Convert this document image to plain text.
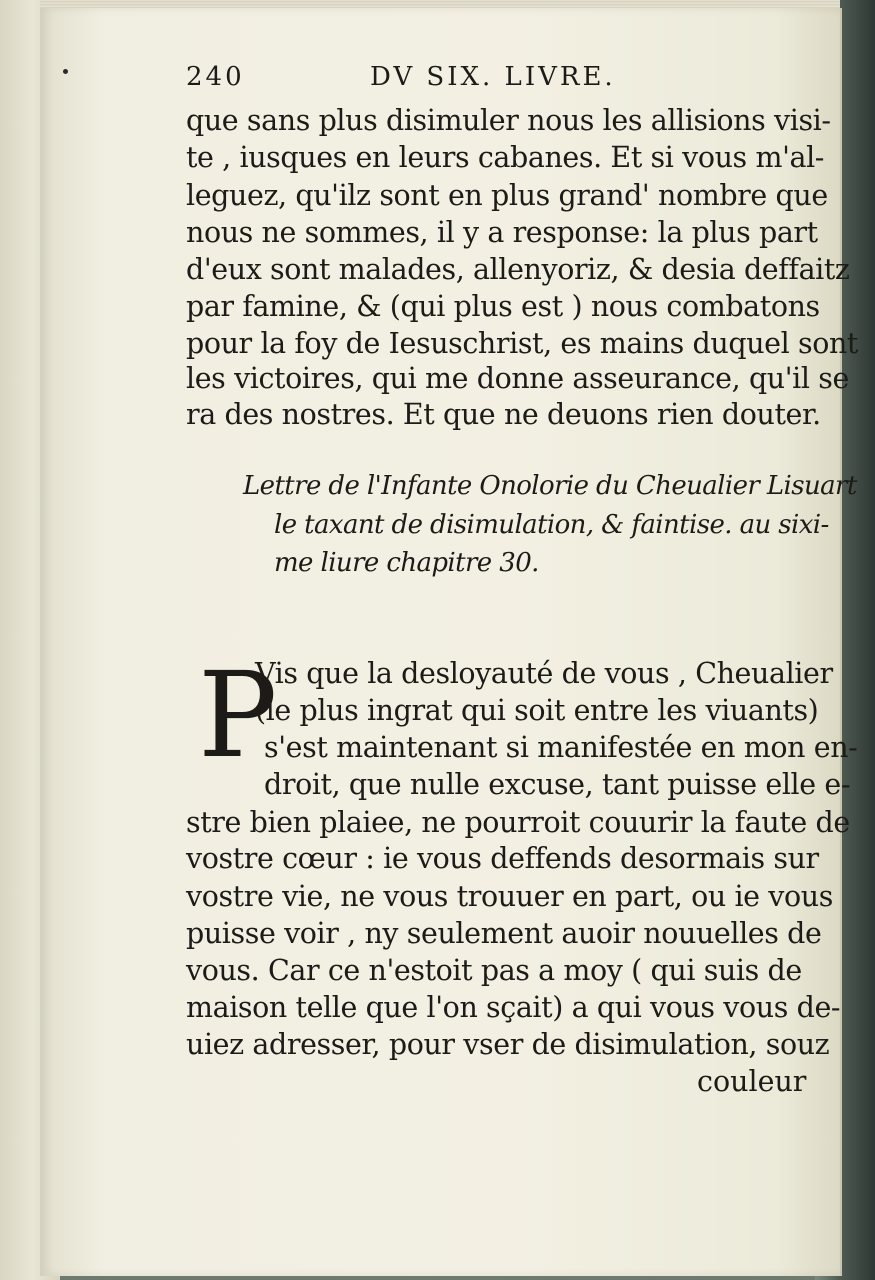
240	DV SIX. LIVRE.
que sans plus disimuler nous les allisions visi-
te , iusques en leurs cabanes. Et si vous m'al-
leguez, qu'ilz sont en plus grand' nombre que
nous ne sommes, il y a response: la plus part
d'eux sont malades, allenyoriz, & desia deffaitz
par famine, & (qui plus est ) nous combatons
pour la foy de Iesuschrist, es mains duquel sont
les victoires, qui me donne asseurance, qu'il se
ra des nostres. Et que ne deuons rien douter.
Lettre de l'Infante Onolorie du Cheualier Lisuart
le taxant de disimulation, & faintise. au sixi-
me liure chapitre 30.
P
Vis que la desloyauté de vous , Cheualier
(le plus ingrat qui soit entre les viuants)
s'est maintenant si manifestée en mon en-
droit, que nulle excuse, tant puisse elle e-
stre bien plaiee, ne pourroit couurir la faute de
vostre cœur : ie vous deffends desormais sur
vostre vie, ne vous trouuer en part, ou ie vous
puisse voir , ny seulement auoir nouuelles de
vous. Car ce n'estoit pas a moy ( qui suis de
maison telle que l'on sçait) a qui vous vous de-
uiez adresser, pour vser de disimulation, souz
couleur
